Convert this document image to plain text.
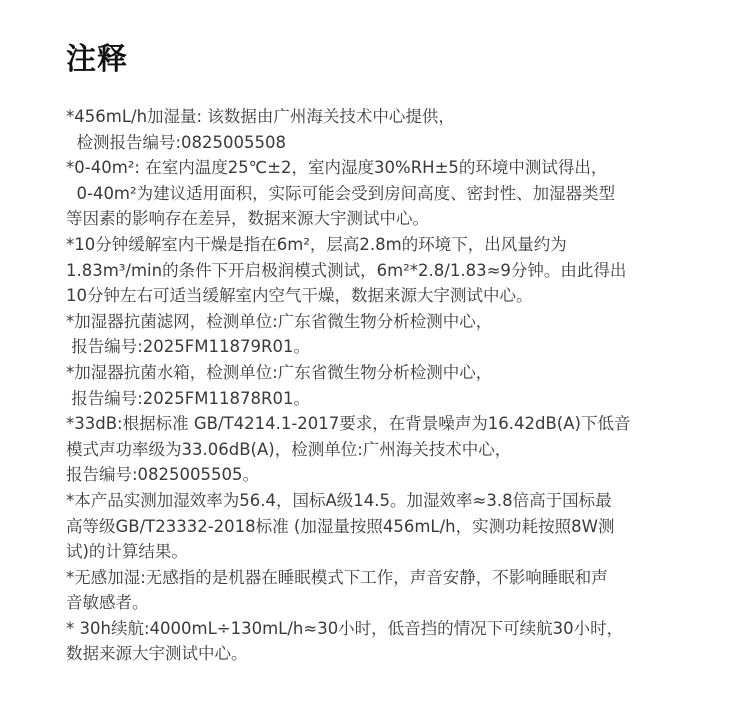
注释
*456mL/h加湿量: 该数据由广州海关技术中心提供，
检测报告编号:0825005508
*0-40m²: 在室内温度25℃±2，室内湿度30%RH±5的环境中测试得出，
0-40m²为建议适用面积，实际可能会受到房间高度、密封性、加湿器类型
等因素的影响存在差异，数据来源大宇测试中心。
*10分钟缓解室内干燥是指在6m²，层高2.8m的环境下，出风量约为
1.83m³/min的条件下开启极润模式测试，6m²*2.8/1.83≈9分钟。由此得出
10分钟左右可适当缓解室内空气干燥，数据来源大宇测试中心。
*加湿器抗菌滤网，检测单位:广东省微生物分析检测中心，
报告编号:2025FM11879R01。
*加湿器抗菌水箱，检测单位:广东省微生物分析检测中心，
报告编号:2025FM11878R01。
*33dB:根据标准 GB/T4214.1-2017要求，在背景噪声为16.42dB(A)下低音
模式声功率级为33.06dB(A)，检测单位:广州海关技术中心，
报告编号:0825005505。
*本产品实测加湿效率为56.4，国标A级14.5。加湿效率≈3.8倍高于国标最
高等级GB/T23332-2018标准 (加湿量按照456mL/h，实测功耗按照8W测
试)的计算结果。
*无感加湿:无感指的是机器在睡眠模式下工作，声音安静，不影响睡眠和声
音敏感者。
* 30h续航:4000mL÷130mL/h≈30小时，低音挡的情况下可续航30小时，
数据来源大宇测试中心。
